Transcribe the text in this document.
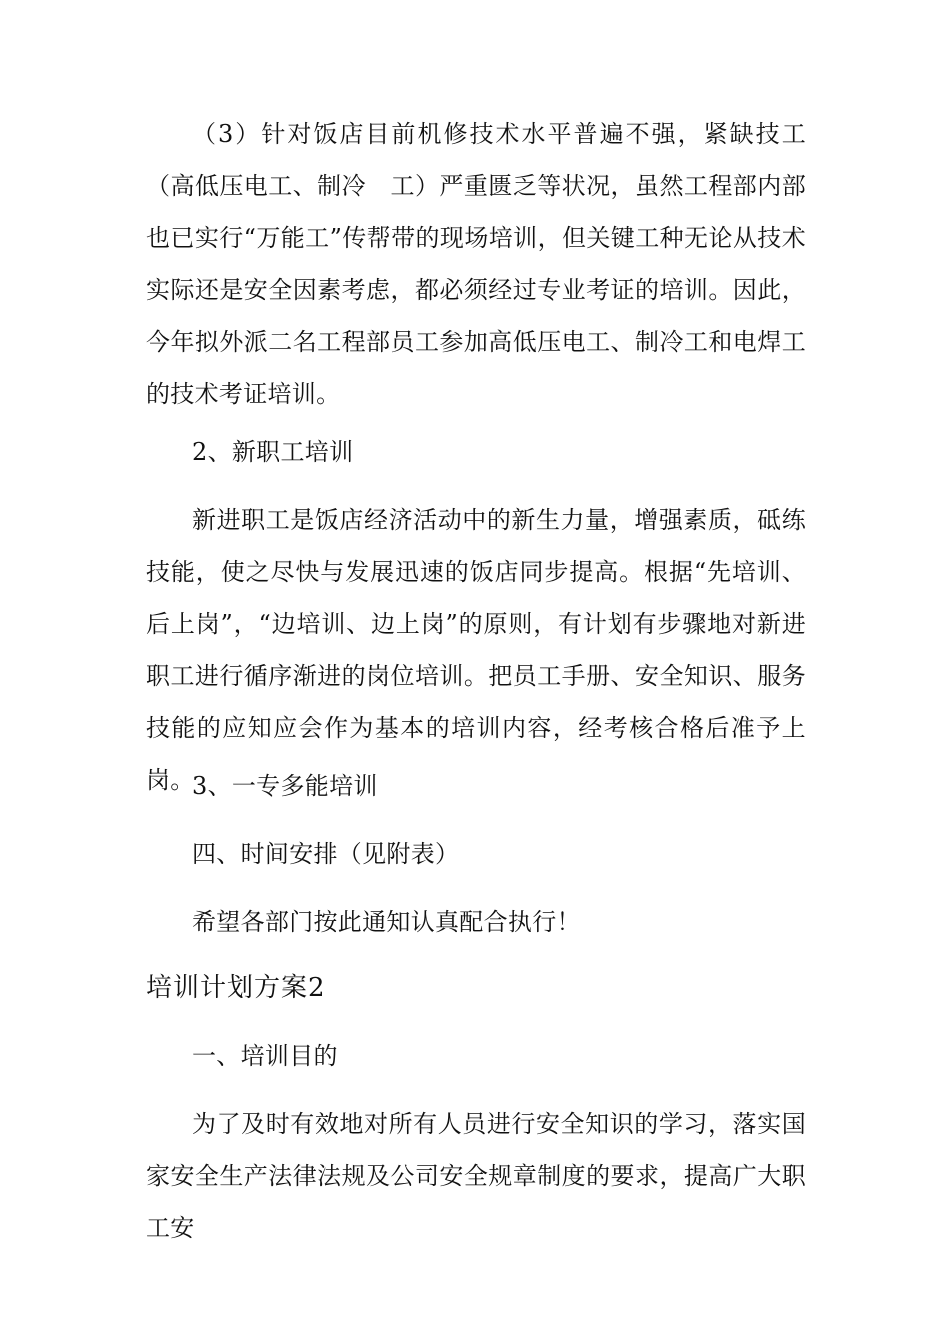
（3）针对饭店目前机修技术水平普遍不强，紧缺技工（高低压电工、制冷　工）严重匮乏等状况，虽然工程部内部也已实行“万能工”传帮带的现场培训，但关键工种无论从技术实际还是安全因素考虑，都必须经过专业考证的培训。因此，今年拟外派二名工程部员工参加高低压电工、制冷工和电焊工的技术考证培训。

2、新职工培训

新进职工是饭店经济活动中的新生力量，增强素质，砥练技能，使之尽快与发展迅速的饭店同步提高。根据“先培训、后上岗”，“边培训、边上岗”的原则，有计划有步骤地对新进职工进行循序渐进的岗位培训。把员工手册、安全知识、服务技能的应知应会作为基本的培训内容，经考核合格后准予上岗。

3、一专多能培训

四、时间安排（见附表）

希望各部门按此通知认真配合执行！

培训计划方案2

一、培训目的

为了及时有效地对所有人员进行安全知识的学习，落实国家安全生产法律法规及公司安全规章制度的要求，提高广大职工安
